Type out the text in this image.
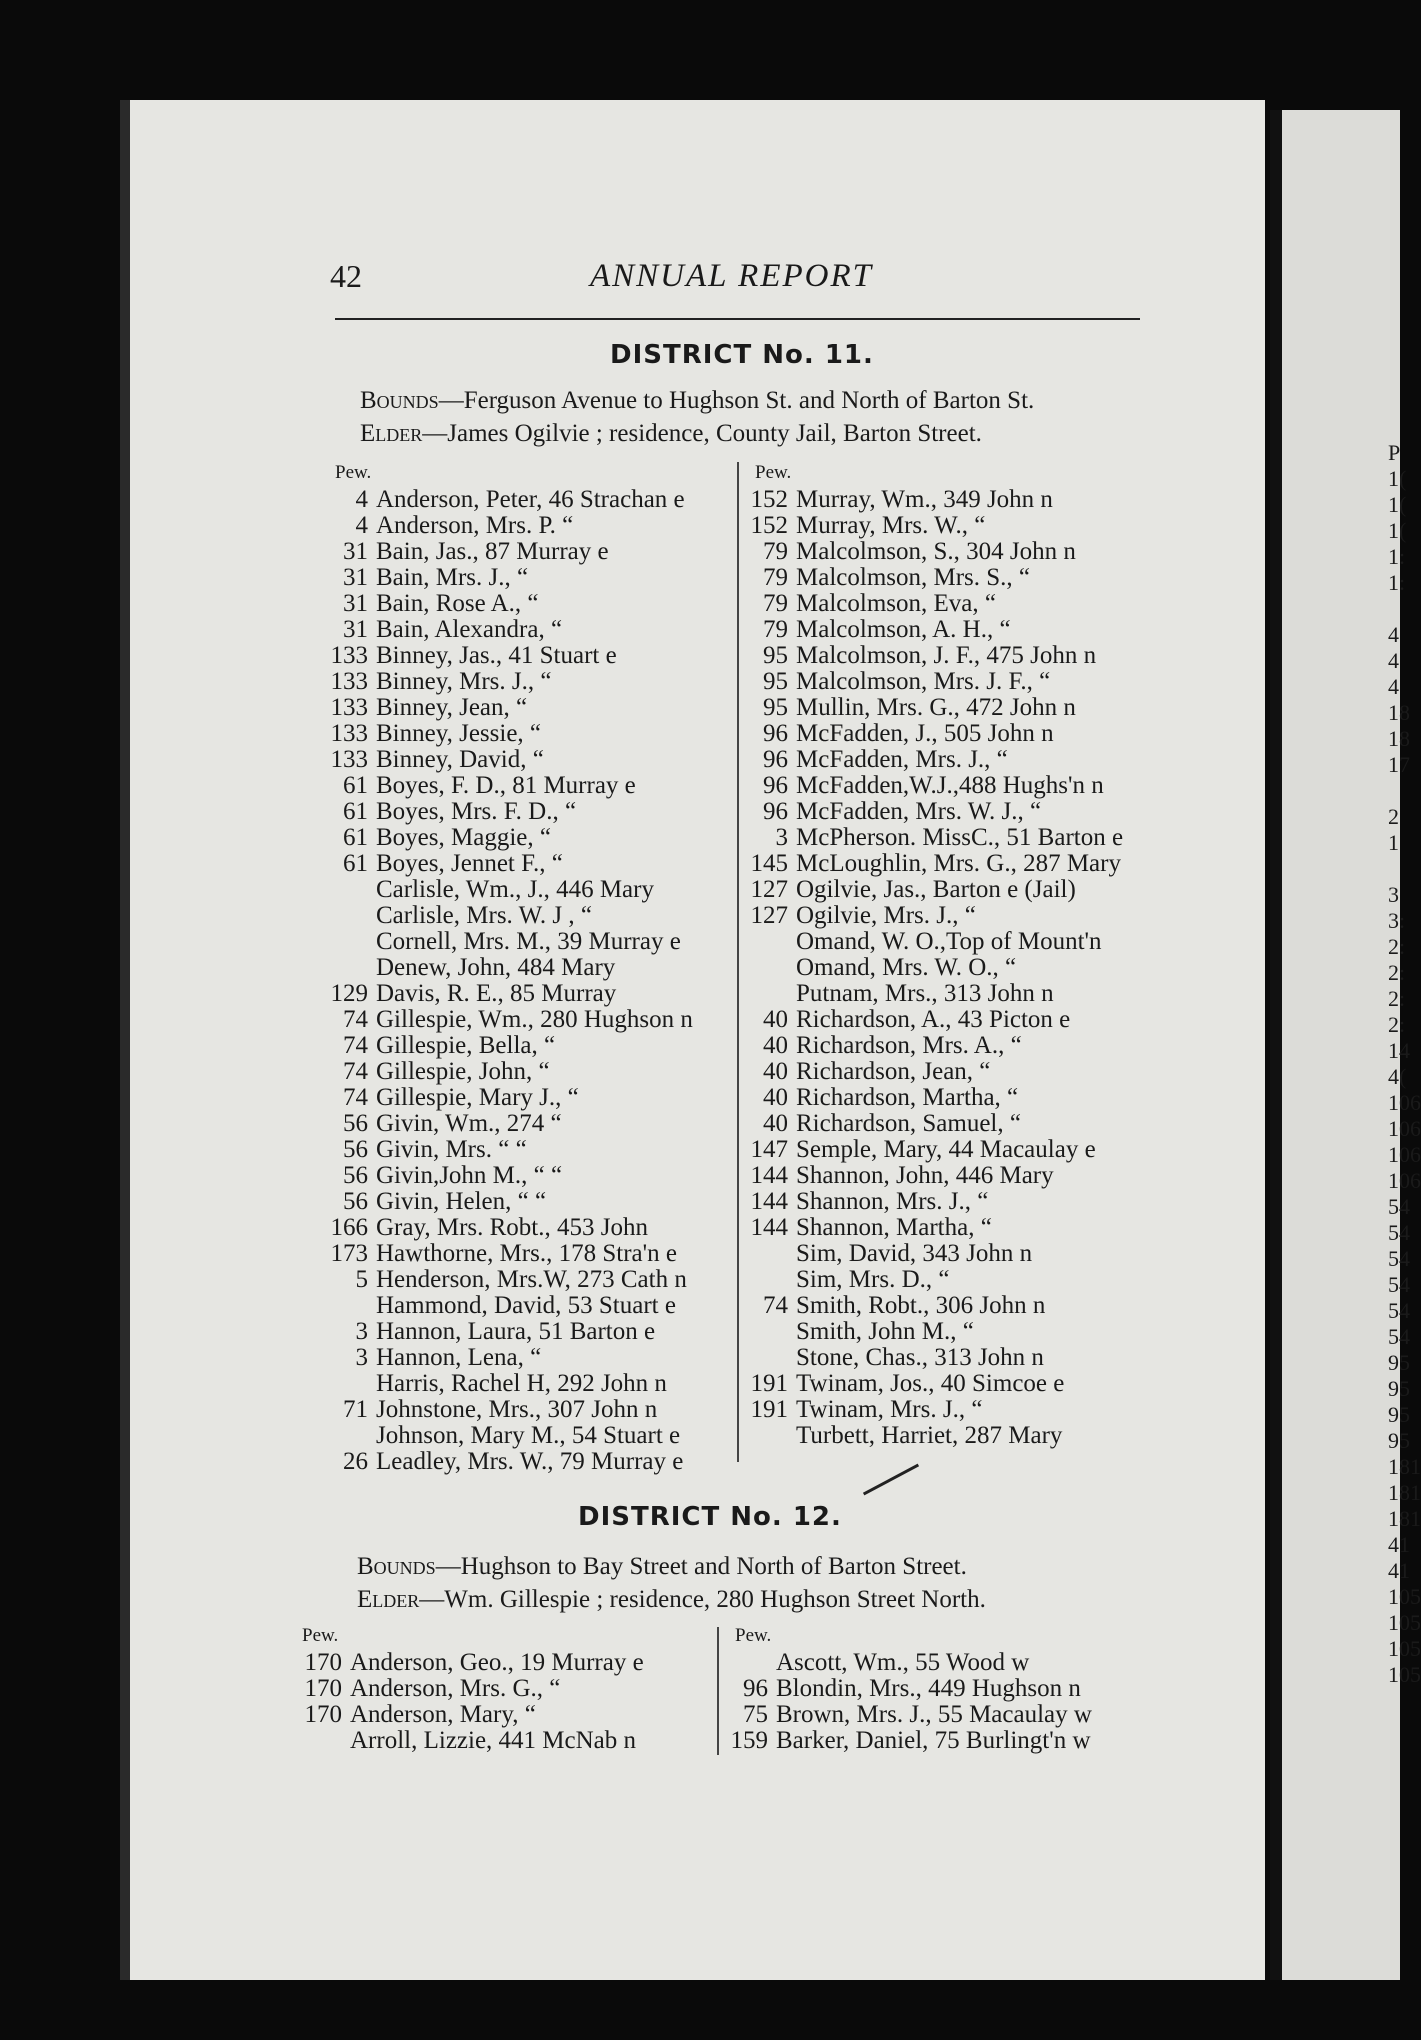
P
1(
1(
1(
1:
1:
4
4
4
18
18
17
2
1
3
3:
2:
2:
2:
2:
14
4(
106
106
106
106
54
54
54
54
54
54
95
95
95
95
181
181
181
41
41
105
105
105
105
42	ANNUAL REPORT
DISTRICT No. 11.
Bounds—Ferguson Avenue to Hughson St. and North of Barton St.
Elder—James Ogilvie ; residence, County Jail, Barton Street.
Pew.	Pew.
4 Anderson, Peter, 46 Strachan e
4 Anderson, Mrs. P. “
31 Bain, Jas., 87 Murray e
31 Bain, Mrs. J., “
31 Bain, Rose A., “
31 Bain, Alexandra, “
133 Binney, Jas., 41 Stuart e
133 Binney, Mrs. J., “
133 Binney, Jean, “
133 Binney, Jessie, “
133 Binney, David, “
61 Boyes, F. D., 81 Murray e
61 Boyes, Mrs. F. D., “
61 Boyes, Maggie, “
61 Boyes, Jennet F., “
Carlisle, Wm., J., 446 Mary
Carlisle, Mrs. W. J , “
Cornell, Mrs. M., 39 Murray e
Denew, John, 484 Mary
129 Davis, R. E., 85 Murray
74 Gillespie, Wm., 280 Hughson n
74 Gillespie, Bella, “
74 Gillespie, John, “
74 Gillespie, Mary J., “
56 Givin, Wm., 274 “
56 Givin, Mrs. “ “
56 Givin,John M., “ “
56 Givin, Helen, “ “
166 Gray, Mrs. Robt., 453 John
173 Hawthorne, Mrs., 178 Stra'n e
5 Henderson, Mrs.W, 273 Cath n
Hammond, David, 53 Stuart e
3 Hannon, Laura, 51 Barton e
3 Hannon, Lena, “
Harris, Rachel H, 292 John n
71 Johnstone, Mrs., 307 John n
Johnson, Mary M., 54 Stuart e
26 Leadley, Mrs. W., 79 Murray e
152 Murray, Wm., 349 John n
152 Murray, Mrs. W., “
79 Malcolmson, S., 304 John n
79 Malcolmson, Mrs. S., “
79 Malcolmson, Eva, “
79 Malcolmson, A. H., “
95 Malcolmson, J. F., 475 John n
95 Malcolmson, Mrs. J. F., “
95 Mullin, Mrs. G., 472 John n
96 McFadden, J., 505 John n
96 McFadden, Mrs. J., “
96 McFadden,W.J.,488 Hughs'n n
96 McFadden, Mrs. W. J., “
3 McPherson. MissC., 51 Barton e
145 McLoughlin, Mrs. G., 287 Mary
127 Ogilvie, Jas., Barton e (Jail)
127 Ogilvie, Mrs. J., “
Omand, W. O.,Top of Mount'n
Omand, Mrs. W. O., “
Putnam, Mrs., 313 John n
40 Richardson, A., 43 Picton e
40 Richardson, Mrs. A., “
40 Richardson, Jean, “
40 Richardson, Martha, “
40 Richardson, Samuel, “
147 Semple, Mary, 44 Macaulay e
144 Shannon, John, 446 Mary
144 Shannon, Mrs. J., “
144 Shannon, Martha, “
Sim, David, 343 John n
Sim, Mrs. D., “
74 Smith, Robt., 306 John n
Smith, John M., “
Stone, Chas., 313 John n
191 Twinam, Jos., 40 Simcoe e
191 Twinam, Mrs. J., “
Turbett, Harriet, 287 Mary
DISTRICT No. 12.
Bounds—Hughson to Bay Street and North of Barton Street.
Elder—Wm. Gillespie ; residence, 280 Hughson Street North.
Pew.	Pew.
170 Anderson, Geo., 19 Murray e
170 Anderson, Mrs. G., “
170 Anderson, Mary, “
Arroll, Lizzie, 441 McNab n
Ascott, Wm., 55 Wood w
96 Blondin, Mrs., 449 Hughson n
75 Brown, Mrs. J., 55 Macaulay w
159 Barker, Daniel, 75 Burlingt'n w
